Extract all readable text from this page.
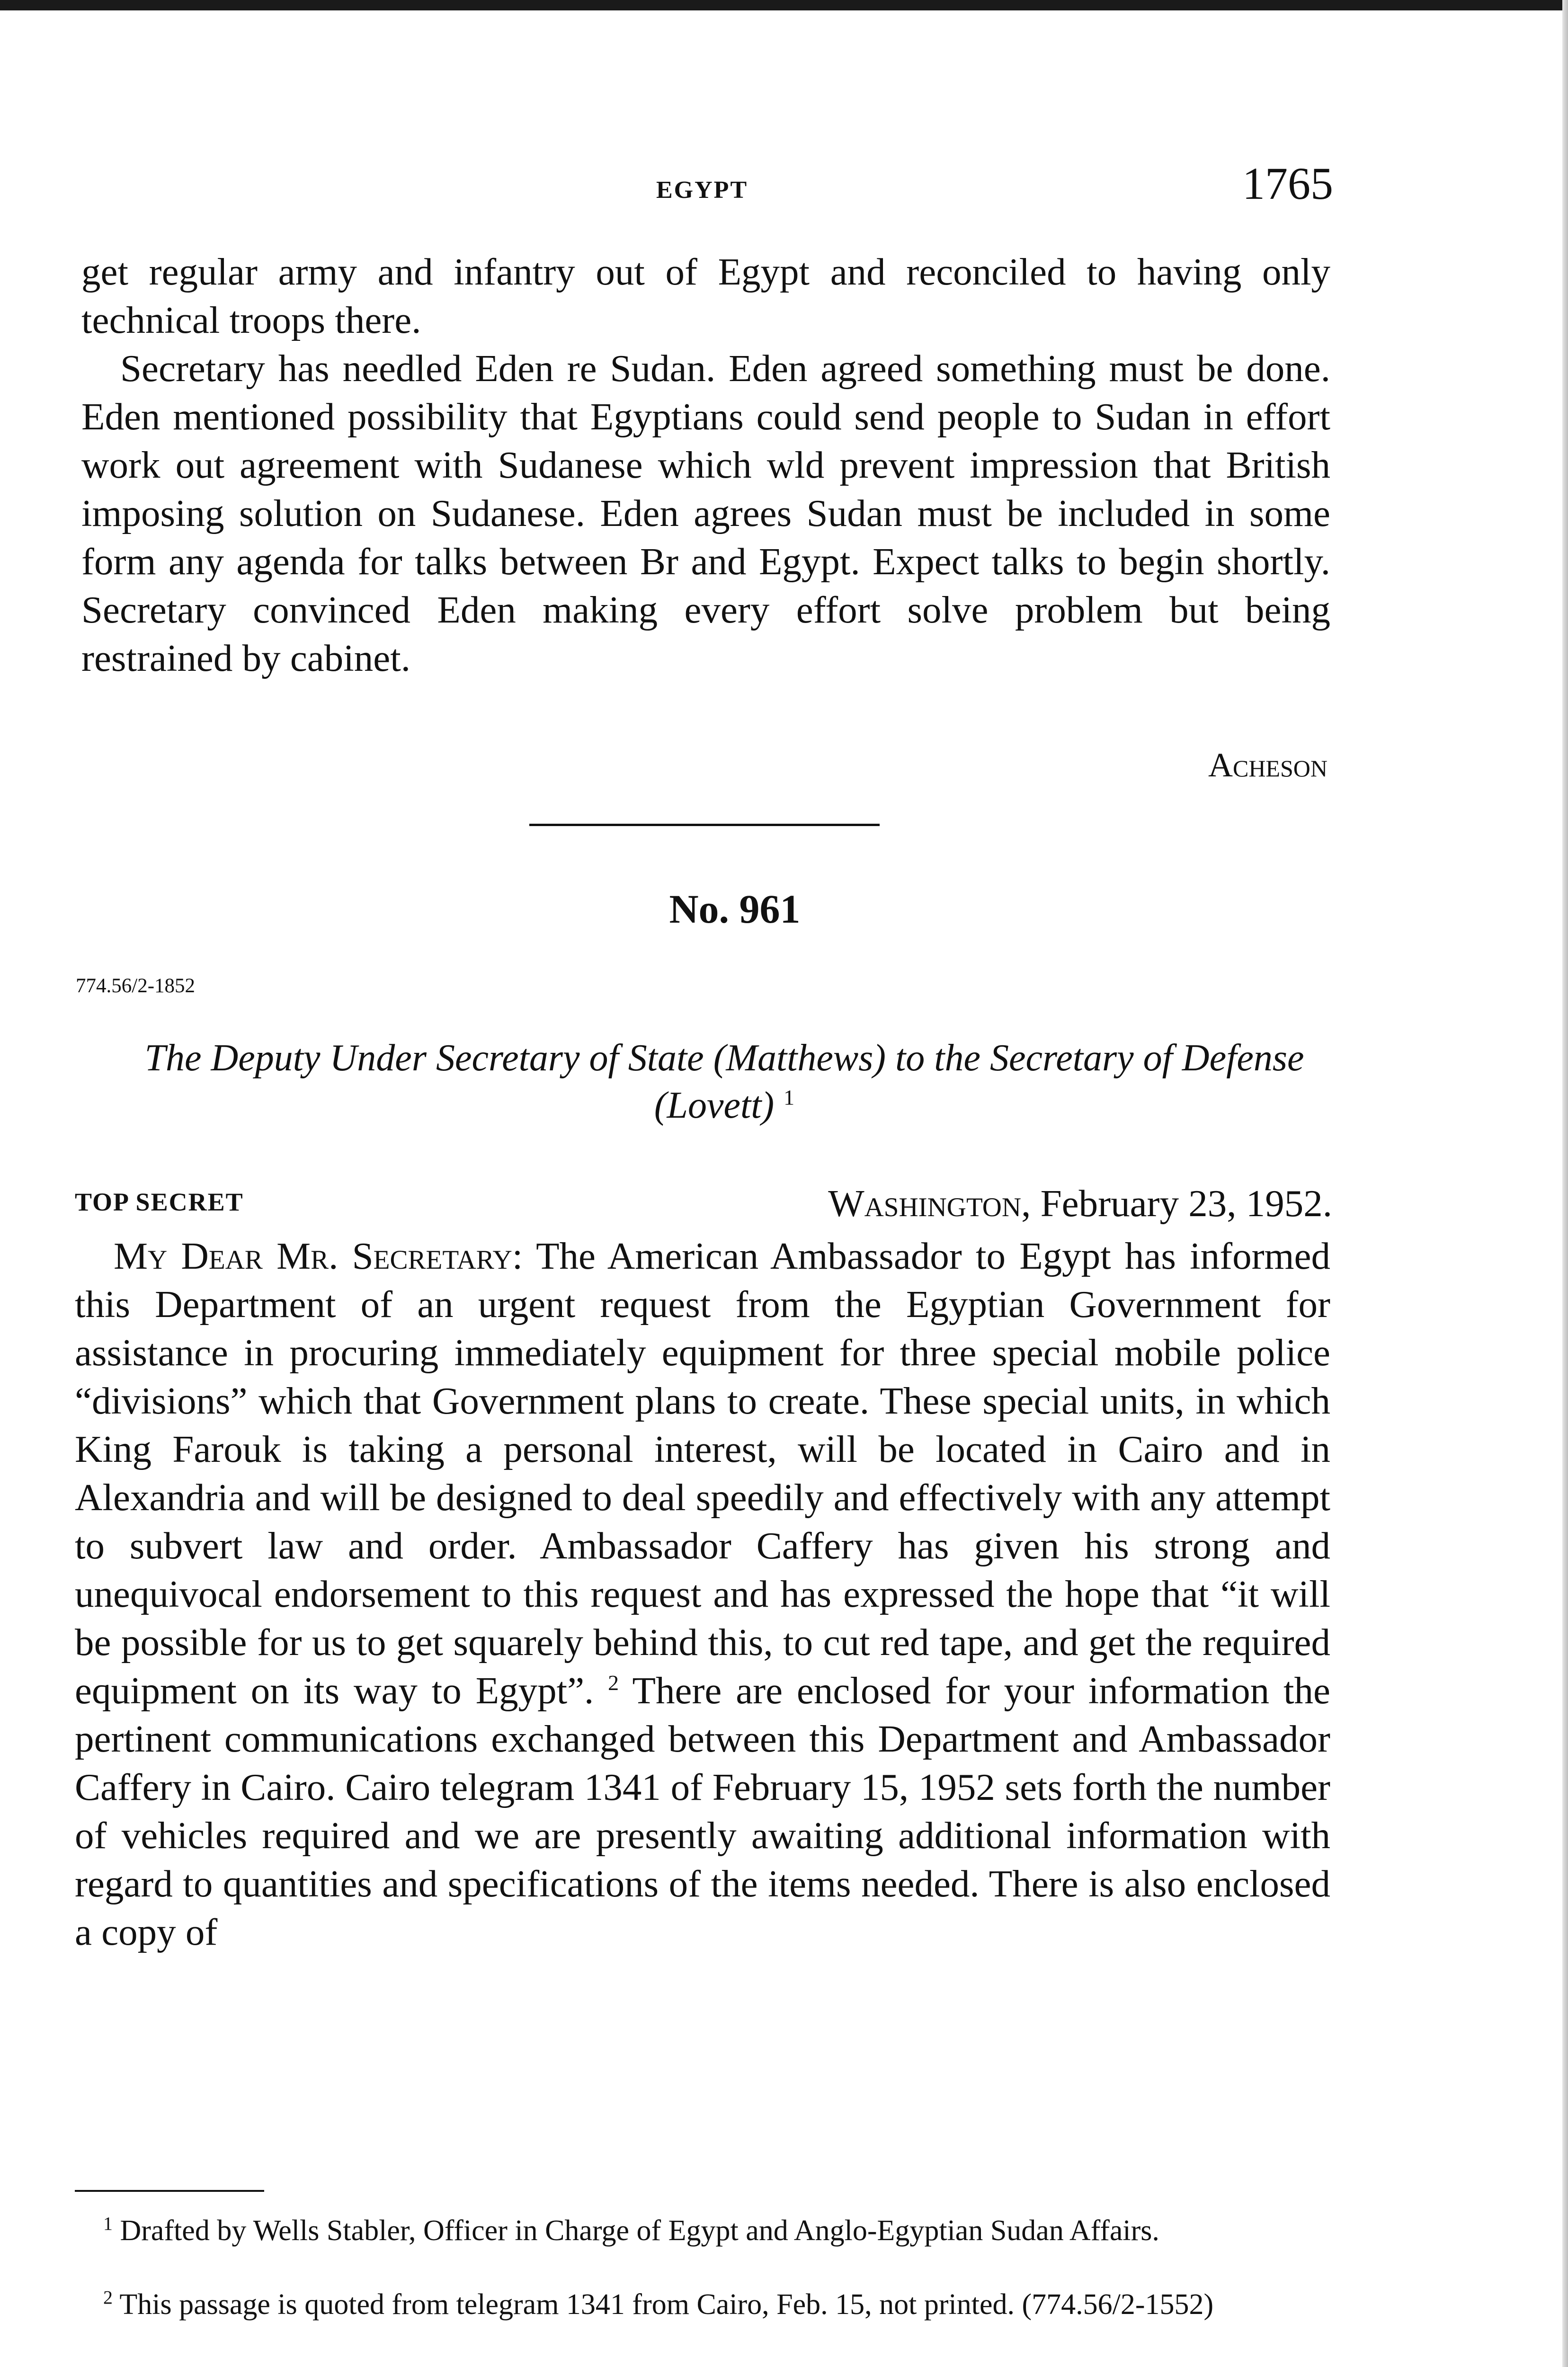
EGYPT	1765

get regular army and infantry out of Egypt and reconciled to having only technical troops there.

Secretary has needled Eden re Sudan. Eden agreed something must be done. Eden mentioned possibility that Egyptians could send people to Sudan in effort work out agreement with Sudanese which wld prevent impression that British imposing solution on Sudanese. Eden agrees Sudan must be included in some form any agenda for talks between Br and Egypt. Expect talks to begin shortly. Secretary convinced Eden making every effort solve problem but being restrained by cabinet.

Acheson
No. 961
774.56/2-1852
The Deputy Under Secretary of State (Matthews) to the Secretary of Defense (Lovett) $^1$
TOP SECRET	Washington, February 23, 1952.

My Dear Mr. Secretary: The American Ambassador to Egypt has informed this Department of an urgent request from the Egyptian Government for assistance in procuring immediately equipment for three special mobile police “divisions” which that Government plans to create. These special units, in which King Farouk is taking a personal interest, will be located in Cairo and in Alexandria and will be designed to deal speedily and effectively with any attempt to subvert law and order. Ambassador Caffery has given his strong and unequivocal endorsement to this request and has expressed the hope that “it will be possible for us to get squarely behind this, to cut red tape, and get the required equipment on its way to Egypt”. $^2$ There are enclosed for your information the pertinent communications exchanged between this Department and Ambassador Caffery in Cairo. Cairo telegram 1341 of February 15, 1952 sets forth the number of vehicles required and we are presently awaiting additional information with regard to quantities and specifications of the items needed. There is also enclosed a copy of

$^1$ Drafted by Wells Stabler, Officer in Charge of Egypt and Anglo-Egyptian Sudan Affairs.

$^2$ This passage is quoted from telegram 1341 from Cairo, Feb. 15, not printed. (774.56/2-1552)
